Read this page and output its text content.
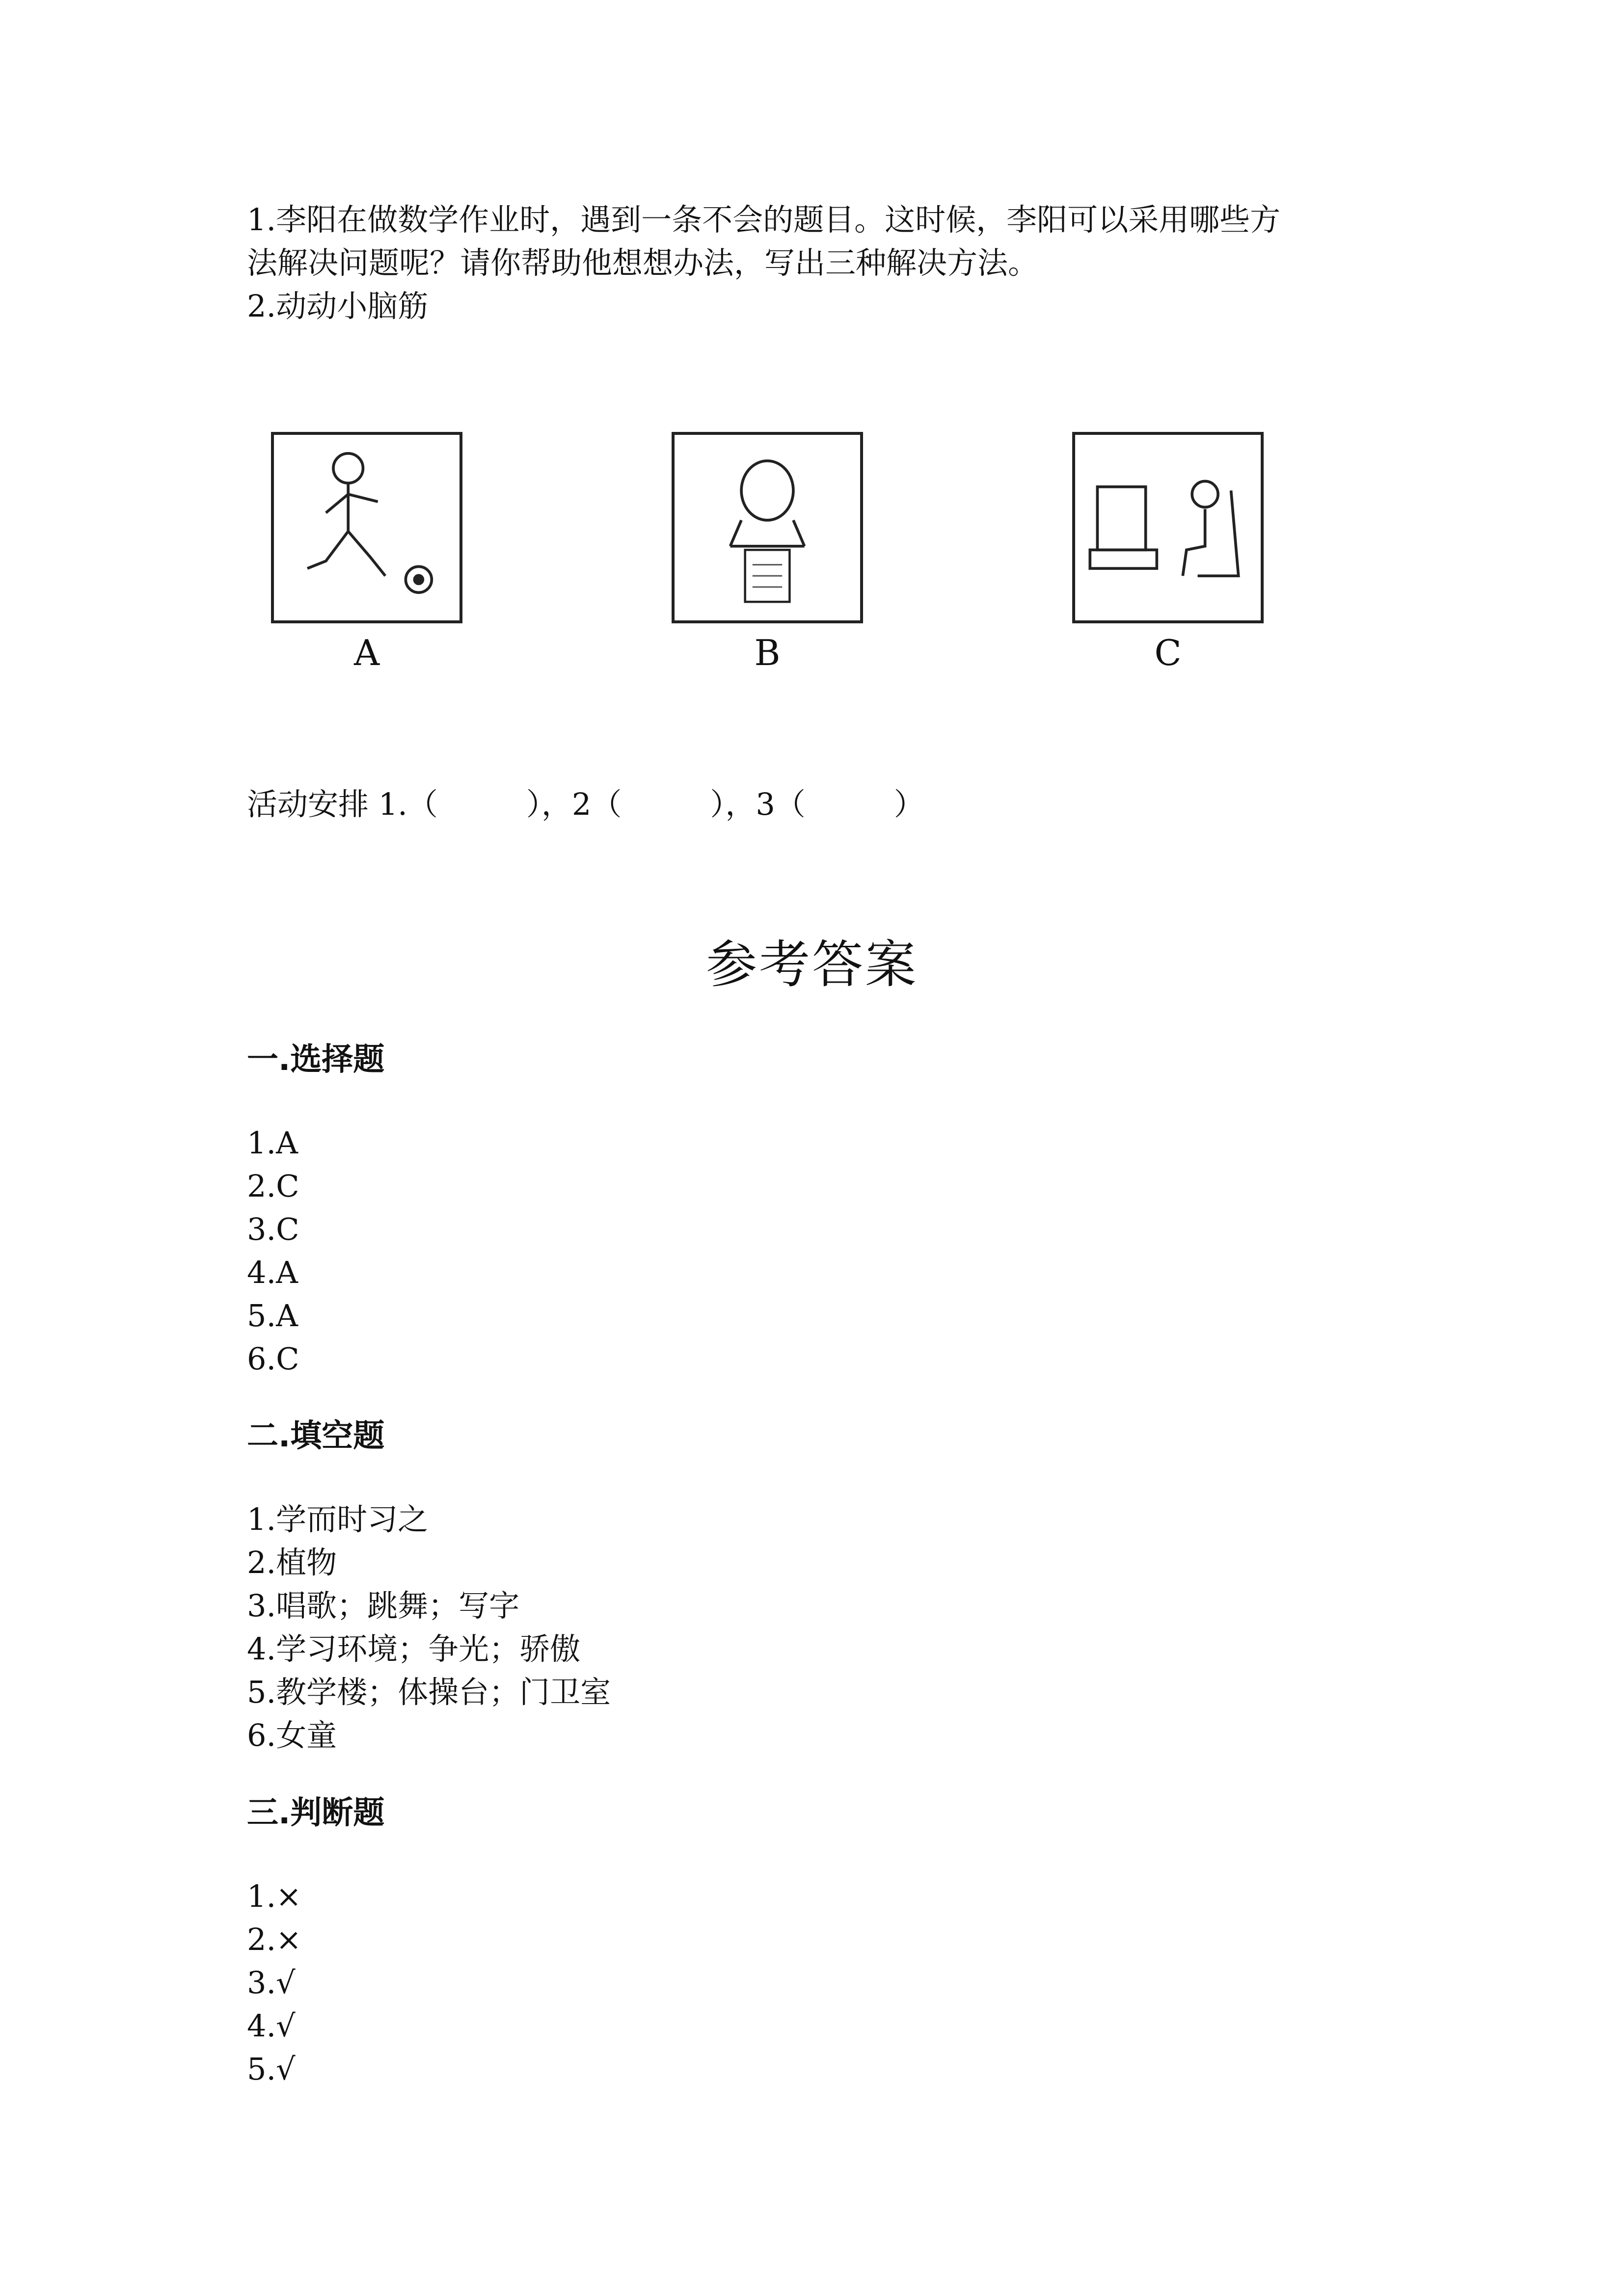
1.李阳在做数学作业时，遇到一条不会的题目。这时候，李阳可以采用哪些方
法解决问题呢？请你帮助他想想办法，写出三种解决方法。
2.动动小脑筋
A	B	C
活动安排 1.（	），2（	），3（	）
参考答案
一.选择题
1.A
2.C
3.C
4.A
5.A
6.C
二.填空题
1.学而时习之
2.植物
3.唱歌；跳舞；写字
4.学习环境；争光；骄傲
5.教学楼；体操台；门卫室
6.女童
三.判断题
1.×
2.×
3.√
4.√
5.√
